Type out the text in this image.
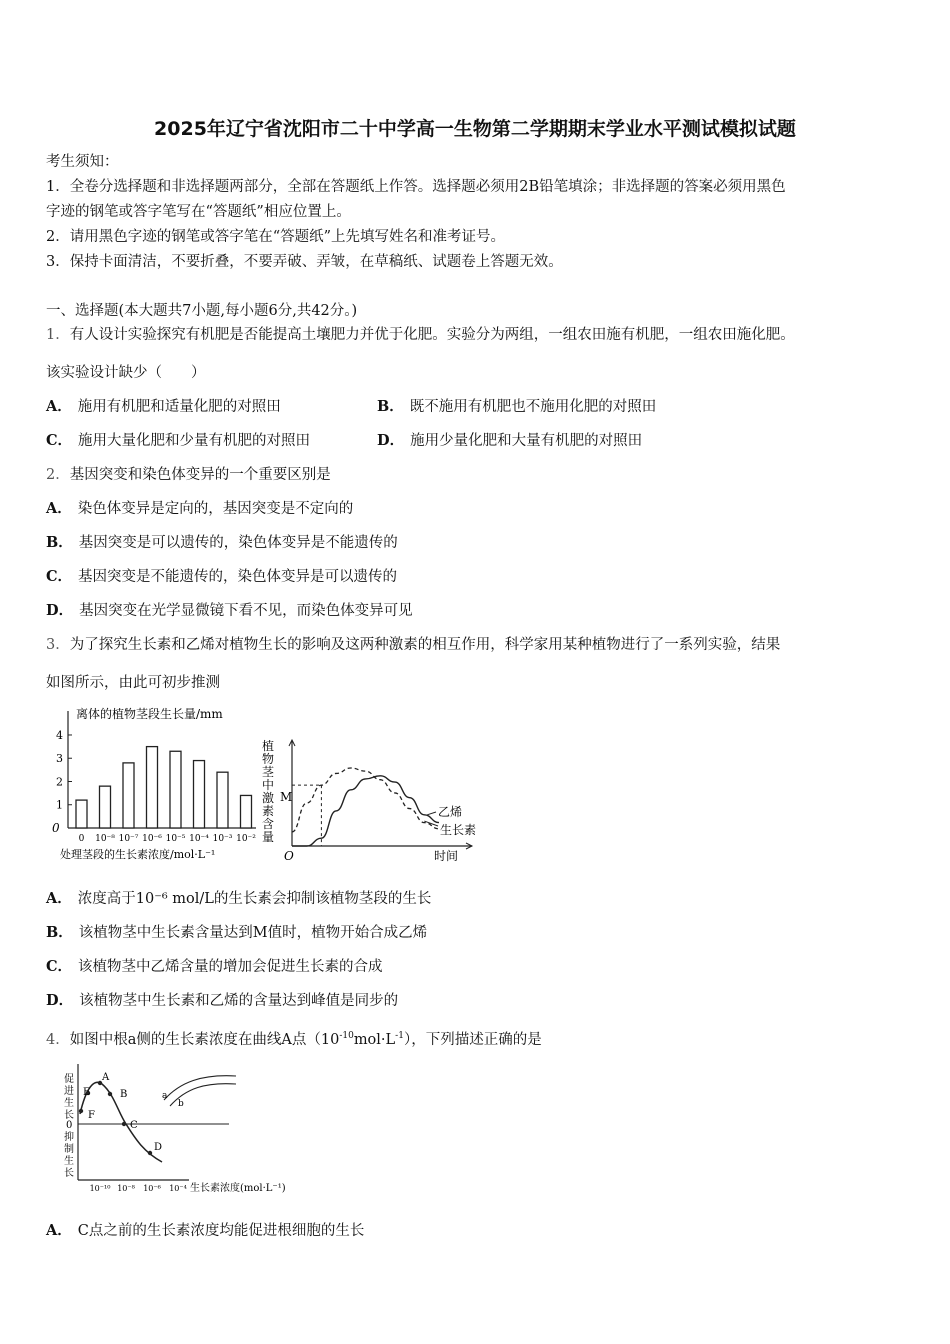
2025年辽宁省沈阳市二十中学高一生物第二学期期末学业水平测试模拟试题
考生须知：
1．全卷分选择题和非选择题两部分，全部在答题纸上作答。选择题必须用2B铅笔填涂；非选择题的答案必须用黑色
字迹的钢笔或答字笔写在“答题纸”相应位置上。
2．请用黑色字迹的钢笔或答字笔在“答题纸”上先填写姓名和准考证号。
3．保持卡面清洁，不要折叠，不要弄破、弄皱，在草稿纸、试题卷上答题无效。
一、选择题(本大题共7小题,每小题6分,共42分。)
1．有人设计实验探究有机肥是否能提高土壤肥力并优于化肥。实验分为两组，一组农田施有机肥，一组农田施化肥。
该实验设计缺少（　　）
A． 施用有机肥和适量化肥的对照田	B． 既不施用有机肥也不施用化肥的对照田
C． 施用大量化肥和少量有机肥的对照田	D． 施用少量化肥和大量有机肥的对照田
2．基因突变和染色体变异的一个重要区别是
A． 染色体变异是定向的，基因突变是不定向的
B． 基因突变是可以遗传的，染色体变异是不能遗传的
C． 基因突变是不能遗传的，染色体变异是可以遗传的
D． 基因突变在光学显微镜下看不见，而染色体变异可见
3．为了探究生长素和乙烯对植物生长的影响及这两种激素的相互作用，科学家用某种植物进行了一系列实验，结果
如图所示，由此可初步推测
0
1
2
3
4
0 10⁻⁸ 10⁻⁷ 10⁻⁶ 10⁻⁵ 10⁻⁴ 10⁻³ 10⁻²
离体的植物茎段生长量/mm
处理茎段的生长素浓度/mol·L⁻¹
植物茎中激素含量
O
M
时间
乙烯
生长素
A． 浓度高于10⁻⁶ mol/L的生长素会抑制该植物茎段的生长
B． 该植物茎中生长素含量达到M值时，植物开始合成乙烯
C． 该植物茎中乙烯含量的增加会促进生长素的合成
D． 该植物茎中生长素和乙烯的含量达到峰值是同步的
4．如图中根a侧的生长素浓度在曲线A点$(10^{-10}mol\cdot L^{-1})$，下列描述正确的是
10⁻¹⁰ 10⁻⁸ 10⁻⁶ 10⁻⁴
A
B
C
D
E
F
a
b
促进生长
抑制生长
0
生长素浓度(mol·L⁻¹)
A． C点之前的生长素浓度均能促进根细胞的生长
